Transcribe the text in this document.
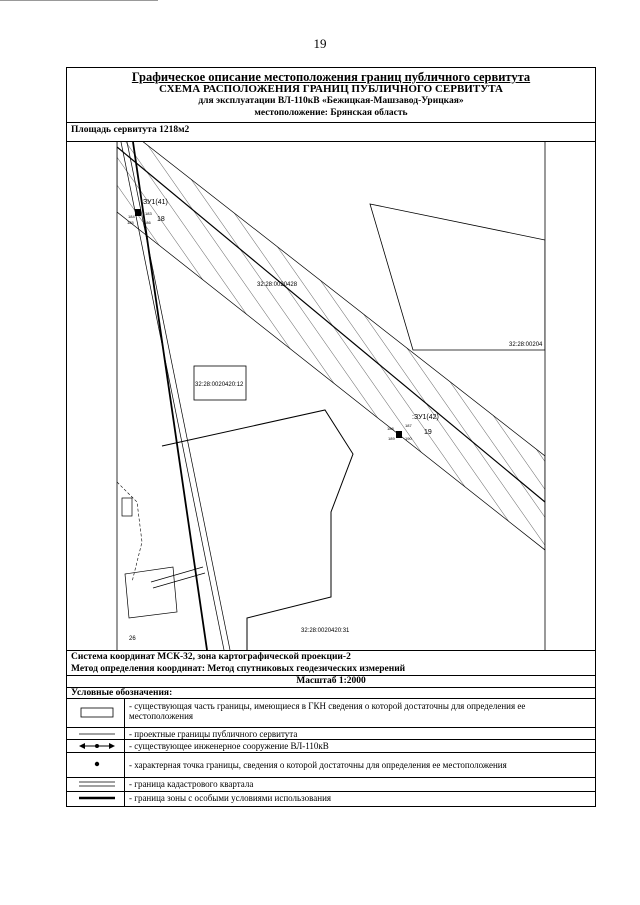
19
Графическое описание местоположения границ публичного сервитута
СХЕМА РАСПОЛОЖЕНИЯ ГРАНИЦ ПУБЛИЧНОГО СЕРВИТУТА
для эксплуатации ВЛ-110кВ «Бежицкая-Машзавод-Урицкая»
местоположение: Брянская область
Площадь сервитута 1218м2
:ЗУ1(41)
18
183
184
185	186
:ЗУ1(42)
19
187
188
189	190
32:28:0020428
32:28:00204
32:28:0020420:12
32:28:0020420:31
26
Система координат МСК-32, зона картографической проекции-2
Метод определения координат: Метод спутниковых геодезических измерений
Масштаб 1:2000
Условные обозначения:
- существующая часть границы, имеющиеся в ГКН сведения о которой достаточны для определения ее местоположения
- проектные границы публичного сервитута
- существующее инженерное сооружение ВЛ-110кВ
- характерная точка границы, сведения о которой достаточны для определения ее местоположения
- граница кадастрового квартала
- граница зоны с особыми условиями использования
